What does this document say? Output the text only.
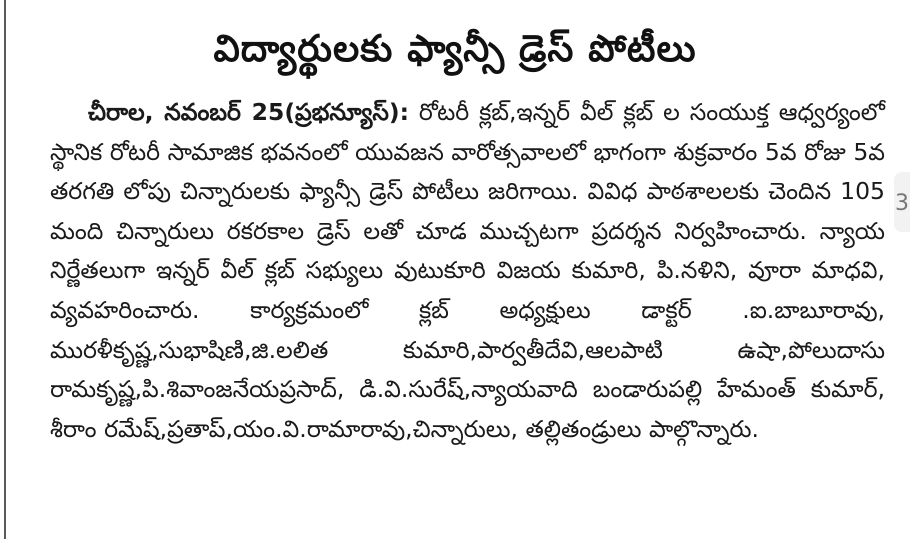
విద్యార్థులకు ఫ్యాన్సీ డ్రెస్ పోటీలు
చీరాల, నవంబర్ 25(ప్రభన్యూస్): రోటరీ క్లబ్,ఇన్నర్ వీల్ క్లబ్ ల సంయుక్త ఆధ్వర్యంలో స్థానిక రోటరీ సామాజిక భవనంలో యువజన వారోత్సవాలలో భాగంగా శుక్రవారం 5వ రోజు 5వ తరగతి లోపు చిన్నారులకు ఫ్యాన్సీ డ్రెస్ పోటీలు జరిగాయి. వివిధ పాఠశాలలకు చెందిన 105 మంది చిన్నారులు రకరకాల డ్రెస్ లతో చూడ ముచ్చటగా ప్రదర్శన నిర్వహించారు. న్యాయ నిర్ణేతలుగా ఇన్నర్ వీల్ క్లబ్ సభ్యులు వుటుకూరి విజయ కుమారి, పి.నళిని, వూరా మాధవి, వ్యవహరించారు. కార్యక్రమంలో క్లబ్ అధ్యక్షులు డాక్టర్ .ఐ.బాబూరావు, మురళీకృష్ణ,సుభాషిణి,జి.లలిత కుమారి,పార్వతీదేవి,ఆలపాటి ఉషా,పోలుదాసు రామకృష్ణ,పి.శివాంజనేయప్రసాద్, డి.వి.సురేష్,న్యాయవాది బండారుపల్లి హేమంత్ కుమార్, శీరాం రమేష్,ప్రతాప్,యం.వి.రామారావు,చిన్నారులు, తల్లితండ్రులు పాల్గొన్నారు.
3
